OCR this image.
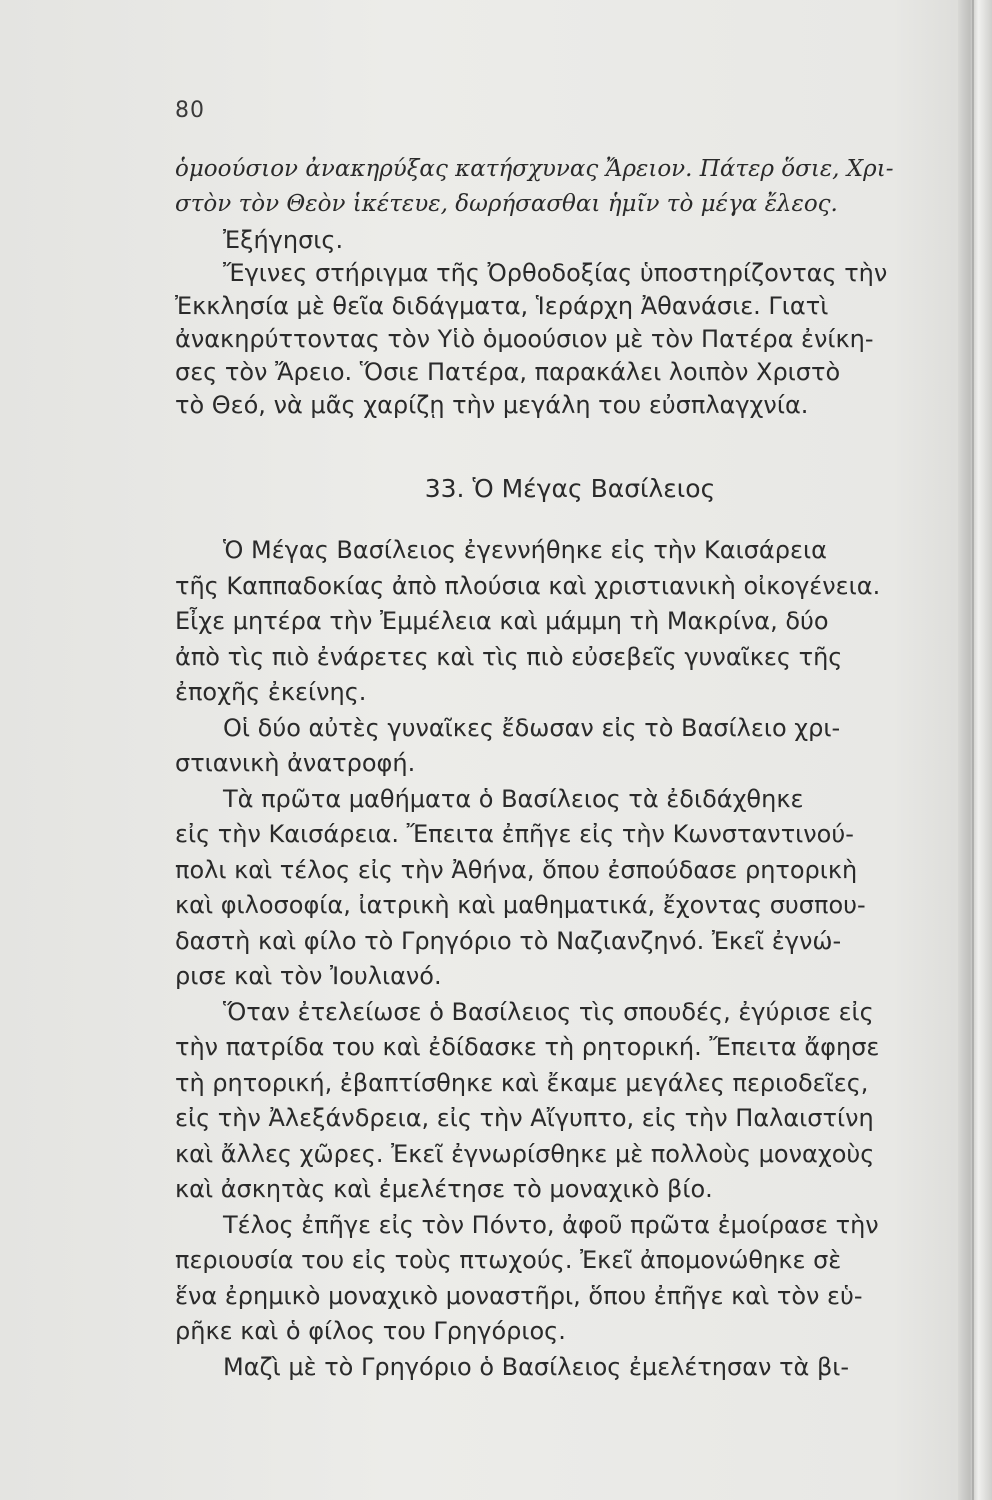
80
ὁμοούσιον ἀνακηρύξας κατήσχυνας Ἄρειον. Πάτερ ὅσιε, Χρι-
στὸν τὸν Θεὸν ἱκέτευε, δωρήσασθαι ἡμῖν τὸ μέγα ἔλεος.
Ἐξήγησις.
Ἔγινες στήριγμα τῆς Ὀρθοδοξίας ὑποστηρίζοντας τὴν
Ἐκκλησία μὲ θεῖα διδάγματα, Ἱεράρχη Ἀθανάσιε. Γιατὶ
ἀνακηρύττοντας τὸν Υἱὸ ὁμοούσιον μὲ τὸν Πατέρα ἐνίκη-
σες τὸν Ἄρειο. Ὅσιε Πατέρα, παρακάλει λοιπὸν Χριστὸ
τὸ Θεό, νὰ μᾶς χαρίζῃ τὴν μεγάλη του εὐσπλαγχνία.
33. Ὁ Μέγας Βασίλειος
Ὁ Μέγας Βασίλειος ἐγεννήθηκε εἰς τὴν Καισάρεια
τῆς Καππαδοκίας ἀπὸ πλούσια καὶ χριστιανικὴ οἰκογένεια.
Εἶχε μητέρα τὴν Ἐμμέλεια καὶ μάμμη τὴ Μακρίνα, δύο
ἀπὸ τὶς πιὸ ἐνάρετες καὶ τὶς πιὸ εὐσεβεῖς γυναῖκες τῆς
ἐποχῆς ἐκείνης.
Οἱ δύο αὐτὲς γυναῖκες ἔδωσαν εἰς τὸ Βασίλειο χρι-
στιανικὴ ἀνατροφή.
Τὰ πρῶτα μαθήματα ὁ Βασίλειος τὰ ἐδιδάχθηκε
εἰς τὴν Καισάρεια. Ἔπειτα ἐπῆγε εἰς τὴν Κωνσταντινού-
πολι καὶ τέλος εἰς τὴν Ἀθήνα, ὅπου ἐσπούδασε ρητορικὴ
καὶ φιλοσοφία, ἰατρικὴ καὶ μαθηματικά, ἔχοντας συσπου-
δαστὴ καὶ φίλο τὸ Γρηγόριο τὸ Ναζιανζηνό. Ἐκεῖ ἐγνώ-
ρισε καὶ τὸν Ἰουλιανό.
Ὅταν ἐτελείωσε ὁ Βασίλειος τὶς σπουδές, ἐγύρισε εἰς
τὴν πατρίδα του καὶ ἐδίδασκε τὴ ρητορική. Ἔπειτα ἄφησε
τὴ ρητορική, ἐβαπτίσθηκε καὶ ἔκαμε μεγάλες περιοδεῖες,
εἰς τὴν Ἀλεξάνδρεια, εἰς τὴν Αἴγυπτο, εἰς τὴν Παλαιστίνη
καὶ ἄλλες χῶρες. Ἐκεῖ ἐγνωρίσθηκε μὲ πολλοὺς μοναχοὺς
καὶ ἀσκητὰς καὶ ἐμελέτησε τὸ μοναχικὸ βίο.
Τέλος ἐπῆγε εἰς τὸν Πόντο, ἀφοῦ πρῶτα ἐμοίρασε τὴν
περιουσία του εἰς τοὺς πτωχούς. Ἐκεῖ ἀπομονώθηκε σὲ
ἕνα ἐρημικὸ μοναχικὸ μοναστῆρι, ὅπου ἐπῆγε καὶ τὸν εὑ-
ρῆκε καὶ ὁ φίλος του Γρηγόριος.
Μαζὶ μὲ τὸ Γρηγόριο ὁ Βασίλειος ἐμελέτησαν τὰ βι-
